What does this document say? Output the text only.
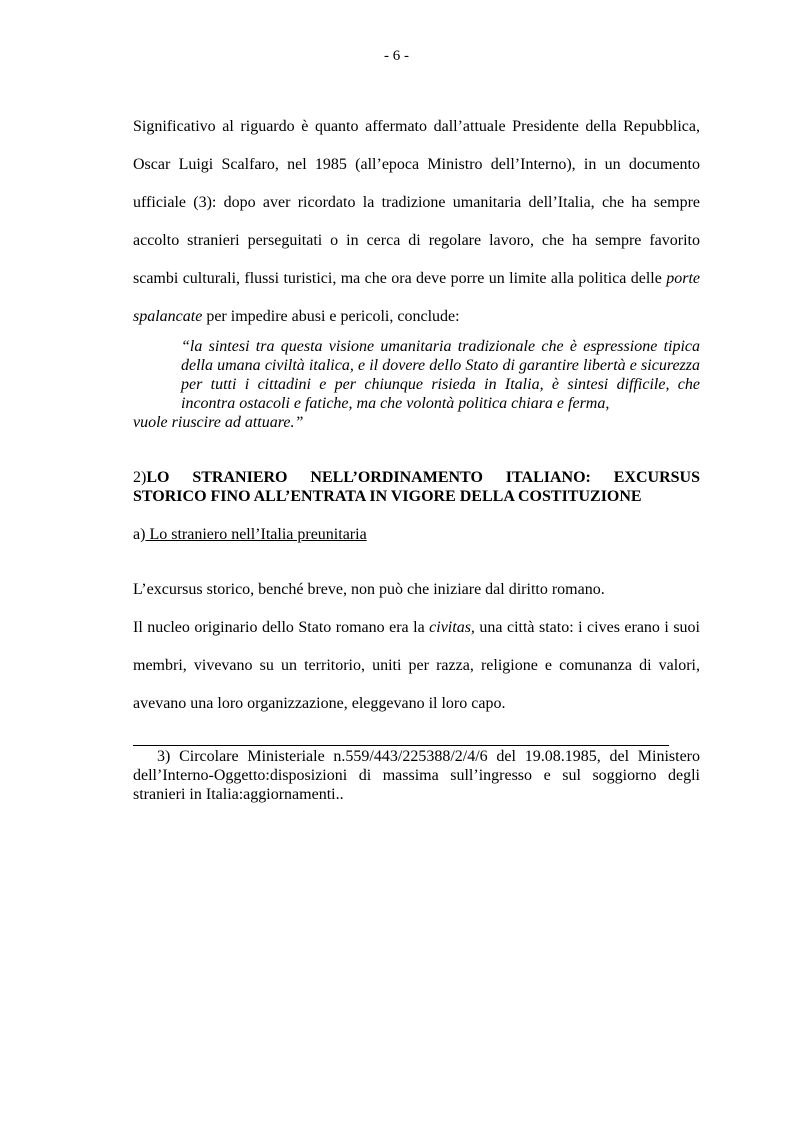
- 6 -

Significativo al riguardo è quanto affermato dall’attuale Presidente della Repubblica, Oscar Luigi Scalfaro, nel 1985 (all’epoca Ministro dell’Interno), in un documento ufficiale (3): dopo aver ricordato la tradizione umanitaria dell’Italia, che ha sempre accolto stranieri perseguitati o in cerca di regolare lavoro, che ha sempre favorito scambi culturali, flussi turistici, ma che ora deve porre un limite alla politica delle porte spalancate per impedire abusi e pericoli, conclude:

“la sintesi tra questa visione umanitaria tradizionale che è espressione tipica della umana civiltà italica, e il dovere dello Stato di garantire libertà e sicurezza per tutti i cittadini e per chiunque risieda in Italia, è sintesi difficile, che incontra ostacoli e fatiche, ma che volontà politica chiara e ferma,
vuole riuscire ad attuare.”
2)LO STRANIERO NELL’ORDINAMENTO ITALIANO: EXCURSUS STORICO FINO ALL’ENTRATA IN VIGORE DELLA COSTITUZIONE
a) Lo straniero nell’Italia preunitaria

L’excursus storico, benché breve, non può che iniziare dal diritto romano.

Il nucleo originario dello Stato romano era la civitas, una città stato: i cives erano i suoi membri, vivevano su un territorio, uniti per razza, religione e comunanza di valori, avevano una loro organizzazione, eleggevano il loro capo.

3) Circolare Ministeriale n.559/443/225388/2/4/6 del 19.08.1985, del Ministero dell’Interno-Oggetto:disposizioni di massima sull’ingresso e sul soggiorno degli stranieri in Italia:aggiornamenti..
